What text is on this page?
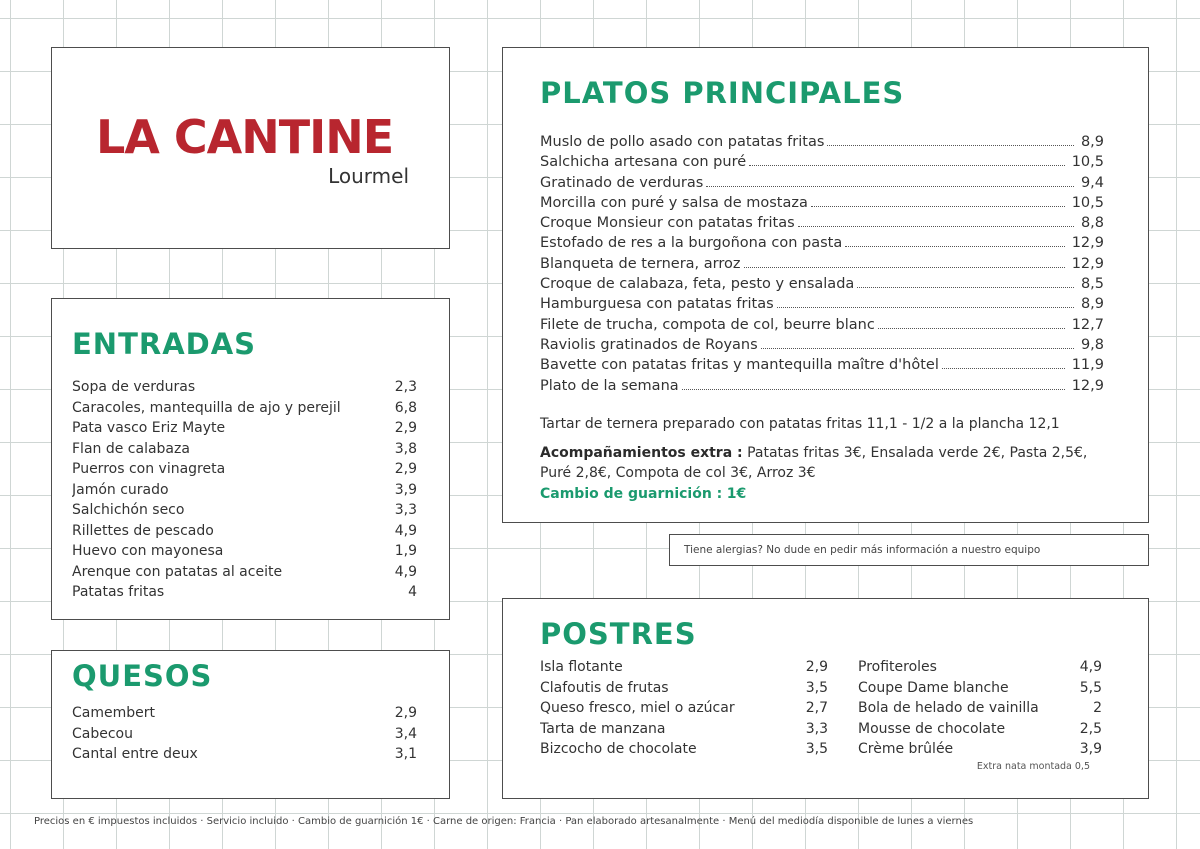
LA CANTINE
Lourmel
ENTRADAS
Sopa de verduras	2,3
Caracoles, mantequilla de ajo y perejil	6,8
Pata vasco Eriz Mayte	2,9
Flan de calabaza	3,8
Puerros con vinagreta	2,9
Jamón curado	3,9
Salchichón seco	3,3
Rillettes de pescado	4,9
Huevo con mayonesa	1,9
Arenque con patatas al aceite	4,9
Patatas fritas	4
QUESOS
Camembert	2,9
Cabecou	3,4
Cantal entre deux	3,1
PLATOS PRINCIPALES
Muslo de pollo asado con patatas fritas	8,9
Salchicha artesana con puré	10,5
Gratinado de verduras	9,4
Morcilla con puré y salsa de mostaza	10,5
Croque Monsieur con patatas fritas	8,8
Estofado de res a la burgoñona con pasta	12,9
Blanqueta de ternera, arroz	12,9
Croque de calabaza, feta, pesto y ensalada	8,5
Hamburguesa con patatas fritas	8,9
Filete de trucha, compota de col, beurre blanc	12,7
Raviolis gratinados de Royans	9,8
Bavette con patatas fritas y mantequilla maître d'hôtel	11,9
Plato de la semana	12,9
Tartar de ternera preparado con patatas fritas 11,1 - 1/2 a la plancha 12,1
Acompañamientos extra : Patatas fritas 3€, Ensalada verde 2€, Pasta 2,5€, Puré 2,8€, Compota de col 3€, Arroz 3€
Cambio de guarnición : 1€
Tiene alergias? No dude en pedir más información a nuestro equipo
POSTRES
Isla flotante	2,9
Clafoutis de frutas	3,5
Queso fresco, miel o azúcar	2,7
Tarta de manzana	3,3
Bizcocho de chocolate	3,5
Profiteroles	4,9
Coupe Dame blanche	5,5
Bola de helado de vainilla	2
Mousse de chocolate	2,5
Crème brûlée	3,9
Extra nata montada 0,5
Precios en € impuestos incluidos · Servicio incluido · Cambio de guarnición 1€ · Carne de origen: Francia · Pan elaborado artesanalmente · Menú del mediodía disponible de lunes a viernes
